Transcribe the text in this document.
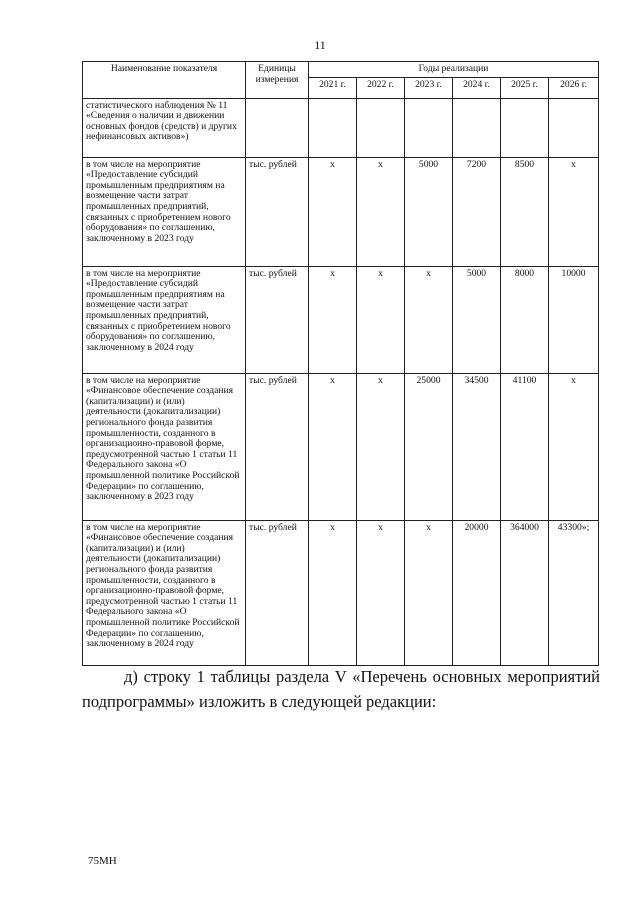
11
Наименование показателя	Единицы измерения	Годы реализации					
		2021 г.	2022 г.	2023 г.	2024 г.	2025 г.	2026 г.
статистического наблюдения № 11 «Сведения о наличии и движении основных фондов (средств) и других нефинансовых активов»)							
в том числе на мероприятие «Предоставление субсидий промышленным предприятиям на возмещение части затрат промышленных предприятий, связанных с приобретением нового оборудования» по соглашению, заключенному в 2023 году	тыс. рублей	х	х	5000	7200	8500	х
в том числе на мероприятие «Предоставление субсидий промышленным предприятиям на возмещение части затрат промышленных предприятий, связанных с приобретением нового оборудования» по соглашению, заключенному в 2024 году	тыс. рублей	х	х	х	5000	8000	10000
в том числе на мероприятие «Финансовое обеспечение создания (капитализации) и (или) деятельности (докапитализации) регионального фонда развития промышленности, созданного в организационно-правовой форме, предусмотренной частью 1 статьи 11 Федерального закона «О промышленной политике Российской Федерации» по соглашению, заключенному в 2023 году	тыс. рублей	х	х	25000	34500	41100	х
в том числе на мероприятие «Финансовое обеспечение создания (капитализации) и (или) деятельности (докапитализации) регионального фонда развития промышленности, созданного в организационно-правовой форме, предусмотренной частью 1 статьи 11 Федерального закона «О промышленной политике Российской Федерации» по соглашению, заключенному в 2024 году	тыс. рублей	х	х	х	20000	364000	43300»;
д) строку 1 таблицы раздела V «Перечень основных мероприятий
подпрограммы» изложить в следующей редакции:
75МН
